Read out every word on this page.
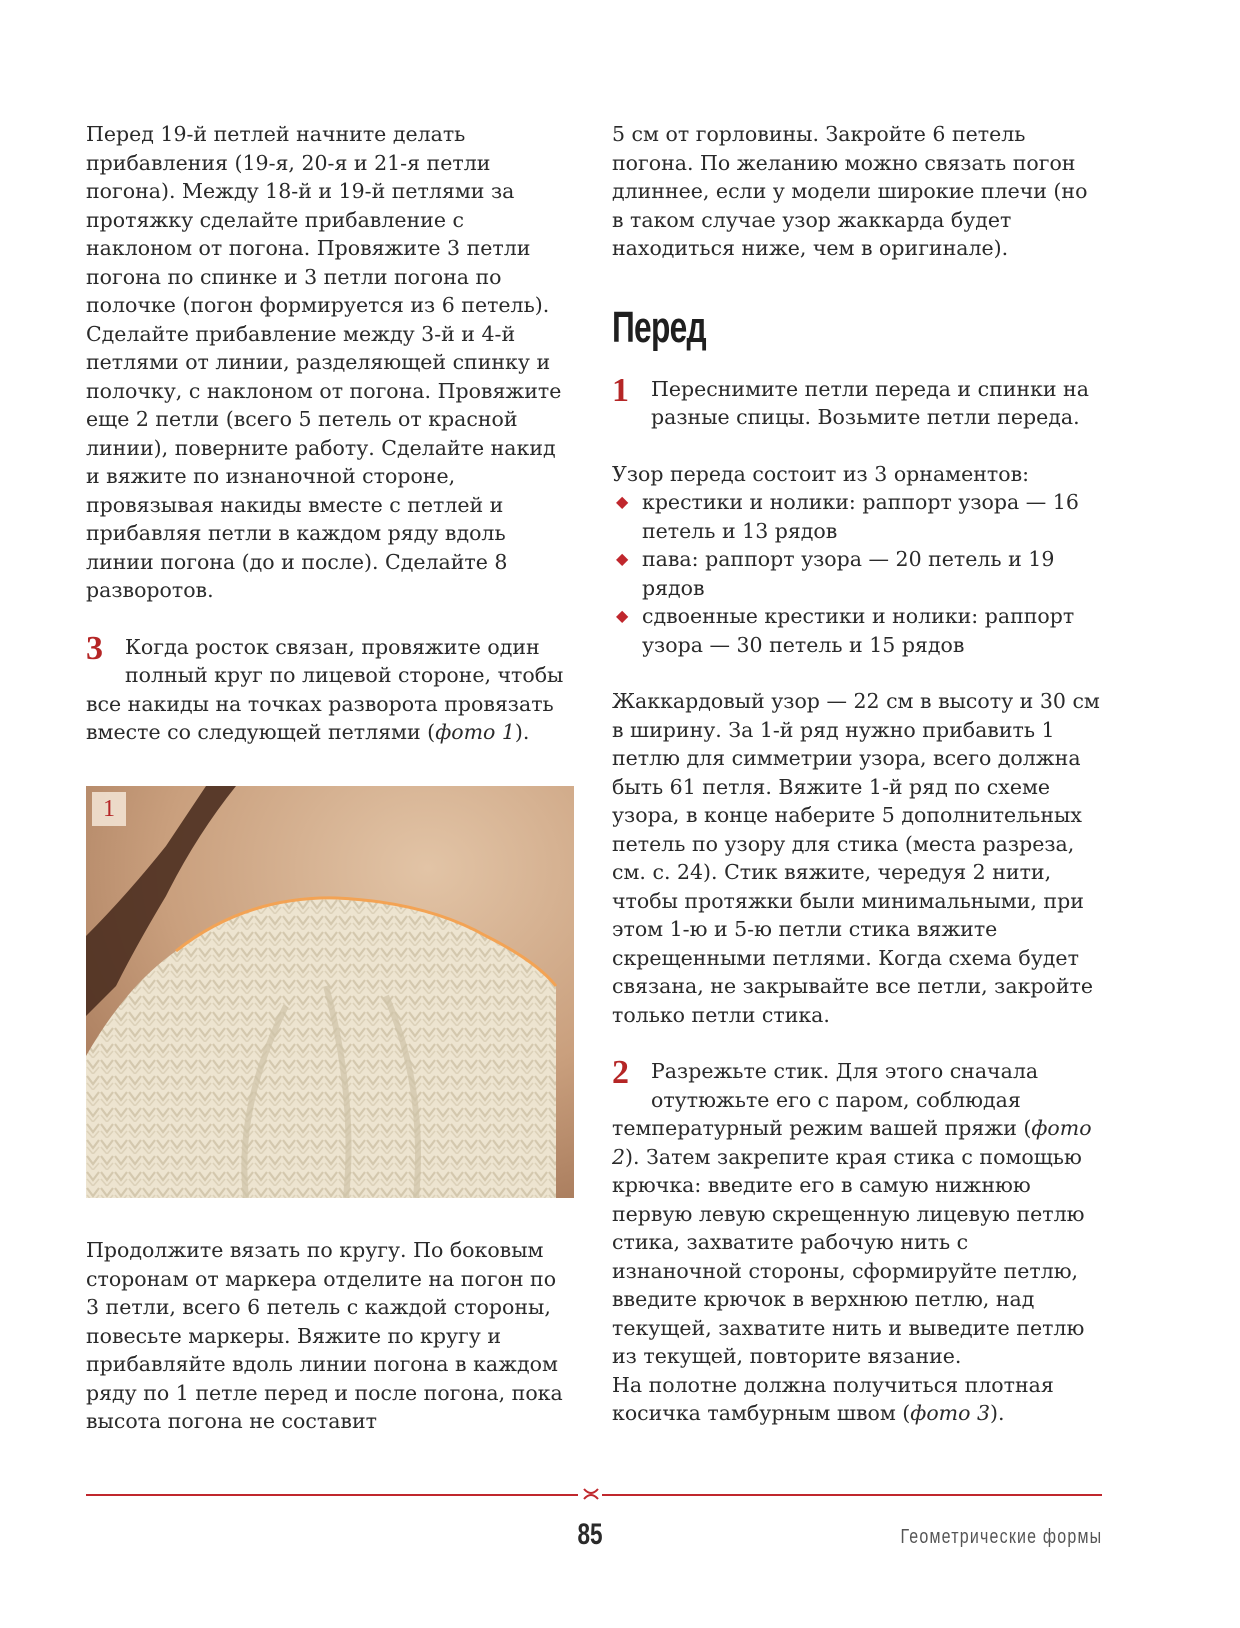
Перед 19-й петлей начните делать прибавления (19-я, 20-я и 21-я петли погона). Между 18-й и 19-й петлями за протяжку сделайте прибавление с наклоном от погона. Провяжите 3 петли погона по спинке и 3 петли погона по полочке (погон формируется из 6 петель). Сделайте прибавление между 3-й и 4-й петлями от линии, разделяющей спинку и полочку, с наклоном от погона. Провяжите еще 2 петли (всего 5 петель от красной линии), поверните работу. Сделайте накид и вяжите по изнаночной стороне, провязывая накиды вместе с петлей и прибавляя петли в каждом ряду вдоль линии погона (до и после). Сделайте 8 разворотов.

3 Когда росток связан, провяжите один полный круг по лицевой стороне, чтобы все накиды на точках разворота провязать вместе со следующей петлями (фото 1).

1

Продолжите вязать по кругу. По боковым сторонам от маркера отделите на погон по 3 петли, всего 6 петель с каждой стороны, повесьте маркеры. Вяжите по кругу и прибавляйте вдоль линии погона в каждом ряду по 1 петле перед и после погона, пока высота погона не составит

5 см от горловины. Закройте 6 петель погона. По желанию можно связать погон длиннее, если у модели широкие плечи (но в таком случае узор жаккарда будет находиться ниже, чем в оригинале).

Перед

1 Переснимите петли переда и спинки на разные спицы. Возьмите петли переда.

Узор переда состоит из 3 орнаментов:

◆ крестики и нолики: раппорт узора — 16 петель и 13 рядов
◆ пава: раппорт узора — 20 петель и 19 рядов
◆ сдвоенные крестики и нолики: раппорт узора — 30 петель и 15 рядов

Жаккардовый узор — 22 см в высоту и 30 см в ширину. За 1-й ряд нужно прибавить 1 петлю для симметрии узора, всего должна быть 61 петля. Вяжите 1-й ряд по схеме узора, в конце наберите 5 дополнительных петель по узору для стика (места разреза, см. с. 24). Стик вяжите, чередуя 2 нити, чтобы протяжки были минимальными, при этом 1-ю и 5-ю петли стика вяжите скрещенными петлями. Когда схема будет связана, не закрывайте все петли, закройте только петли стика.

2 Разрежьте стик. Для этого сначала отутюжьте его с паром, соблюдая температурный режим вашей пряжи (фото 2). Затем закрепите края стика с помощью крючка: введите его в самую нижнюю первую левую скрещенную лицевую петлю стика, захватите рабочую нить с изнаночной стороны, сформируйте петлю, введите крючок в верхнюю петлю, над текущей, захватите нить и выведите петлю из текущей, повторите вязание.

На полотне должна получиться плотная косичка тамбурным швом (фото 3).

85	Геометрические формы
